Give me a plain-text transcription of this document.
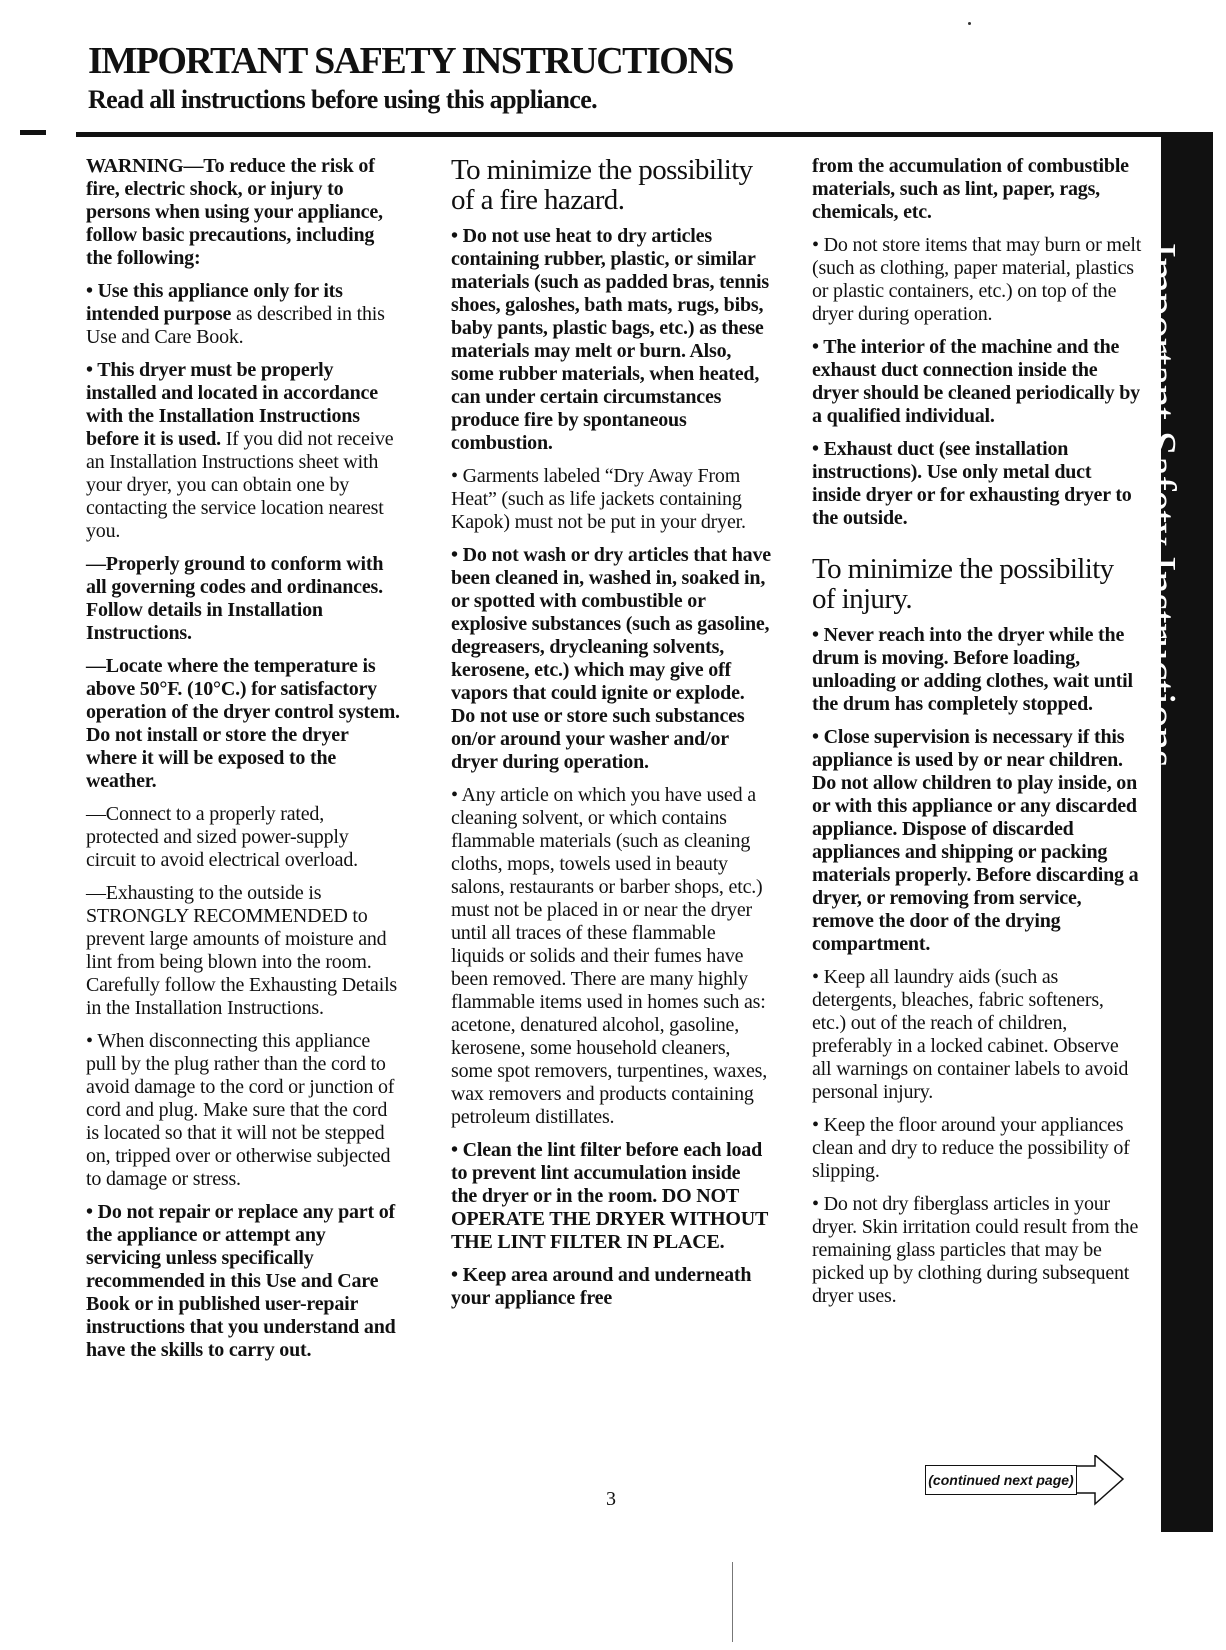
IMPORTANT SAFETY INSTRUCTIONS
Read all instructions before using this appliance.
Important Safety Instructions

WARNING—To reduce the risk of fire, electric shock, or injury to persons when using your appliance, follow basic precautions, including the following:

• Use this appliance only for its intended purpose as described in this Use and Care Book.

• This dryer must be properly installed and located in accordance with the Installation Instructions before it is used. If you did not receive an Installation Instructions sheet with your dryer, you can obtain one by contacting the service location nearest you.

—Properly ground to conform with all governing codes and ordinances. Follow details in Installation Instructions.

—Locate where the temperature is above 50°F. (10°C.) for satisfactory operation of the dryer control system. Do not install or store the dryer where it will be exposed to the weather.

—Connect to a properly rated, protected and sized power-supply circuit to avoid electrical overload.

—Exhausting to the outside is STRONGLY RECOMMENDED to prevent large amounts of moisture and lint from being blown into the room. Carefully follow the Exhausting Details in the Installation Instructions.

• When disconnecting this appliance pull by the plug rather than the cord to avoid damage to the cord or junction of cord and plug. Make sure that the cord is located so that it will not be stepped on, tripped over or otherwise subjected to damage or stress.

• Do not repair or replace any part of the appliance or attempt any servicing unless specifically recommended in this Use and Care Book or in published user-repair instructions that you understand and have the skills to carry out.

To minimize the possibility of a fire hazard.

• Do not use heat to dry articles containing rubber, plastic, or similar materials (such as padded bras, tennis shoes, galoshes, bath mats, rugs, bibs, baby pants, plastic bags, etc.) as these materials may melt or burn. Also, some rubber materials, when heated, can under certain circumstances produce fire by spontaneous combustion.

• Garments labeled “Dry Away From Heat” (such as life jackets containing Kapok) must not be put in your dryer.

• Do not wash or dry articles that have been cleaned in, washed in, soaked in, or spotted with combustible or explosive substances (such as gasoline, degreasers, drycleaning solvents, kerosene, etc.) which may give off vapors that could ignite or explode. Do not use or store such substances on/or around your washer and/or dryer during operation.

• Any article on which you have used a cleaning solvent, or which contains flammable materials (such as cleaning cloths, mops, towels used in beauty salons, restaurants or barber shops, etc.) must not be placed in or near the dryer until all traces of these flammable liquids or solids and their fumes have been removed. There are many highly flammable items used in homes such as: acetone, denatured alcohol, gasoline, kerosene, some household cleaners, some spot removers, turpentines, waxes, wax removers and products containing petroleum distillates.

• Clean the lint filter before each load to prevent lint accumulation inside the dryer or in the room. DO NOT OPERATE THE DRYER WITHOUT THE LINT FILTER IN PLACE.

• Keep area around and underneath your appliance free

from the accumulation of combustible materials, such as lint, paper, rags, chemicals, etc.

• Do not store items that may burn or melt (such as clothing, paper material, plastics or plastic containers, etc.) on top of the dryer during operation.

• The interior of the machine and the exhaust duct connection inside the dryer should be cleaned periodically by a qualified individual.

• Exhaust duct (see installation instructions). Use only metal duct inside dryer or for exhausting dryer to the outside.

To minimize the possibility of injury.

• Never reach into the dryer while the drum is moving. Before loading, unloading or adding clothes, wait until the drum has completely stopped.

• Close supervision is necessary if this appliance is used by or near children. Do not allow children to play inside, on or with this appliance or any discarded appliance. Dispose of discarded appliances and shipping or packing materials properly. Before discarding a dryer, or removing from service, remove the door of the drying compartment.

• Keep all laundry aids (such as detergents, bleaches, fabric softeners, etc.) out of the reach of children, preferably in a locked cabinet. Observe all warnings on container labels to avoid personal injury.

• Keep the floor around your appliances clean and dry to reduce the possibility of slipping.

• Do not dry fiberglass articles in your dryer. Skin irritation could result from the remaining glass particles that may be picked up by clothing during subsequent dryer uses.

(continued next page)
3
